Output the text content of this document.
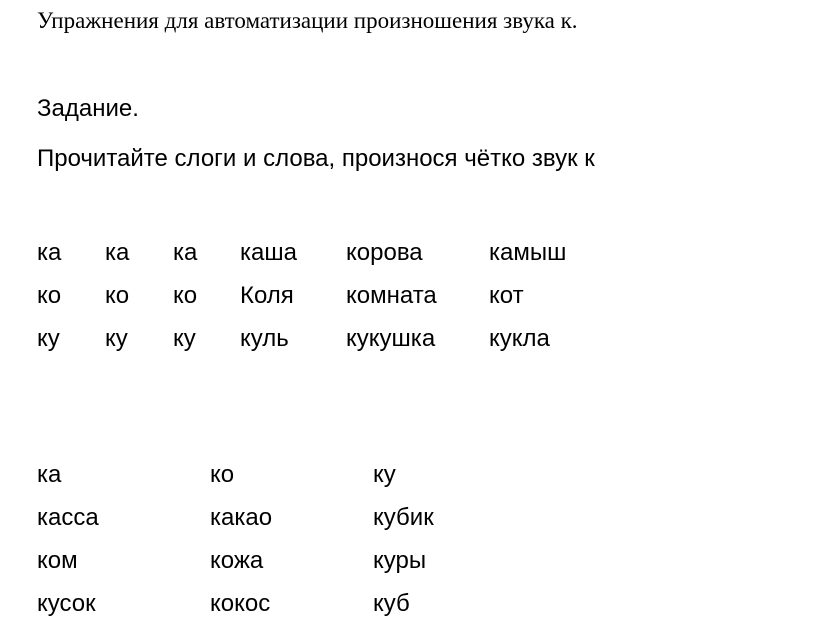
Упражнения для автоматизации произношения звука к.
Задание.
Прочитайте слоги и слова, произнося чётко звук к
ка ка ка каша корова	камыш
ко ко ко Коля комната кот
ку ку ку куль кукушка кукла
ка	ко	ку
касса	какао	кубик
ком	кожа	куры
кусок	кокос	куб
